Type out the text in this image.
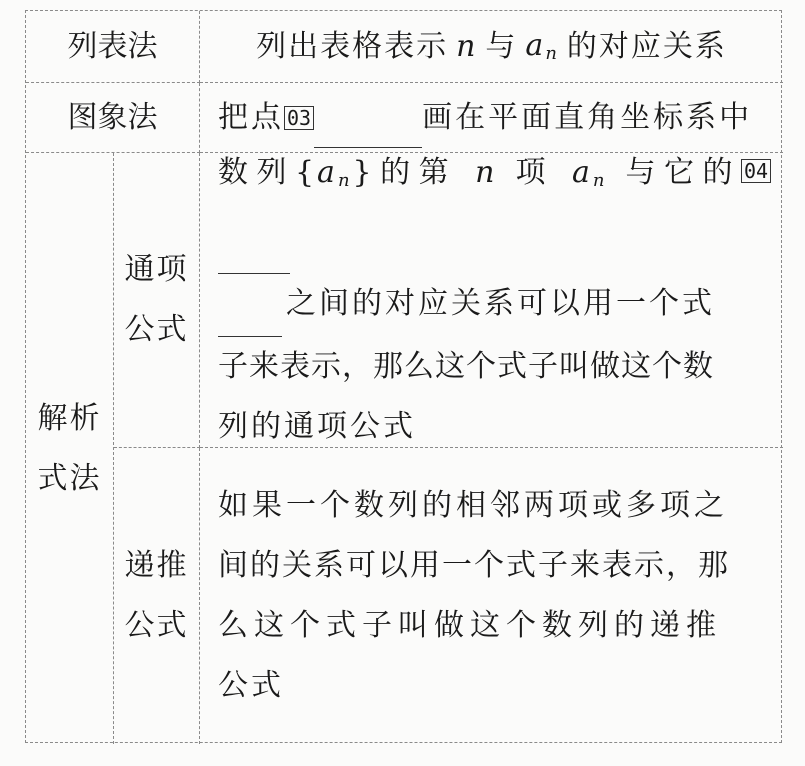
列表法	列出表格表示 n 与 $a_n$ 的对应关系
图象法 把点 03
	画在平面直角坐标系中
解析
式法
通项
公式

数列$\{a_n\}$的第 n 项 $a_n$ 与它的 04

之间的对应关系可以用一个式

子来表示，那么这个式子叫做这个数

列的通项公式

递推
公式

如果一个数列的相邻两项或多项之

间的关系可以用一个式子来表示，那

么这个式子叫做这个数列的递推

公式
